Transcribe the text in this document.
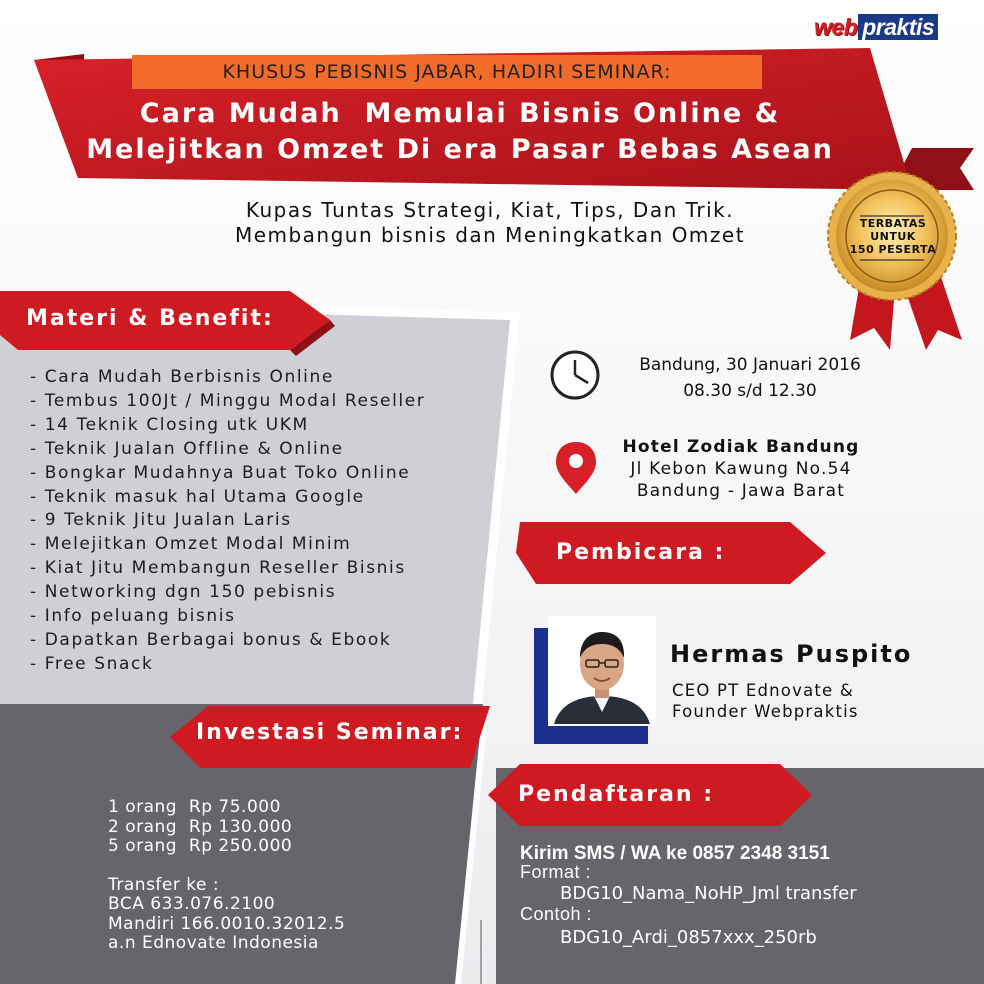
web praktis
KHUSUS PEBISNIS JABAR, HADIRI SEMINAR:
Cara Mudah  Memulai Bisnis Online &
Melejitkan Omzet Di era Pasar Bebas Asean
Kupas Tuntas Strategi, Kiat, Tips, Dan Trik.
Membangun bisnis dan Meningkatkan Omzet	TERBATAS
UNTUK
150 PESERTA
Materi & Benefit:
- Cara Mudah Berbisnis Online
- Tembus 100Jt / Minggu Modal Reseller
- 14 Teknik Closing utk UKM
- Teknik Jualan Offline & Online
- Bongkar Mudahnya Buat Toko Online
- Teknik masuk hal Utama Google
- 9 Teknik Jitu Jualan Laris
- Melejitkan Omzet Modal Minim
- Kiat Jitu Membangun Reseller Bisnis
- Networking dgn 150 pebisnis
- Info peluang bisnis
- Dapatkan Berbagai bonus & Ebook
- Free Snack
Bandung, 30 Januari 2016
08.30 s/d 12.30
Hotel Zodiak Bandung
Jl Kebon Kawung No.54
Bandung - Jawa Barat
Pembicara :
Hermas Puspito
CEO PT Ednovate &
Founder Webpraktis
Investasi Seminar:
1 orang  Rp 75.000
2 orang  Rp 130.000
5 orang  Rp 250.000
Transfer ke :
BCA 633.076.2100
Mandiri 166.0010.32012.5
a.n Ednovate Indonesia
Pendaftaran :
Kirim SMS / WA ke 0857 2348 3151
Format :
BDG10_Nama_NoHP_Jml transfer
Contoh :
BDG10_Ardi_0857xxx_250rb
